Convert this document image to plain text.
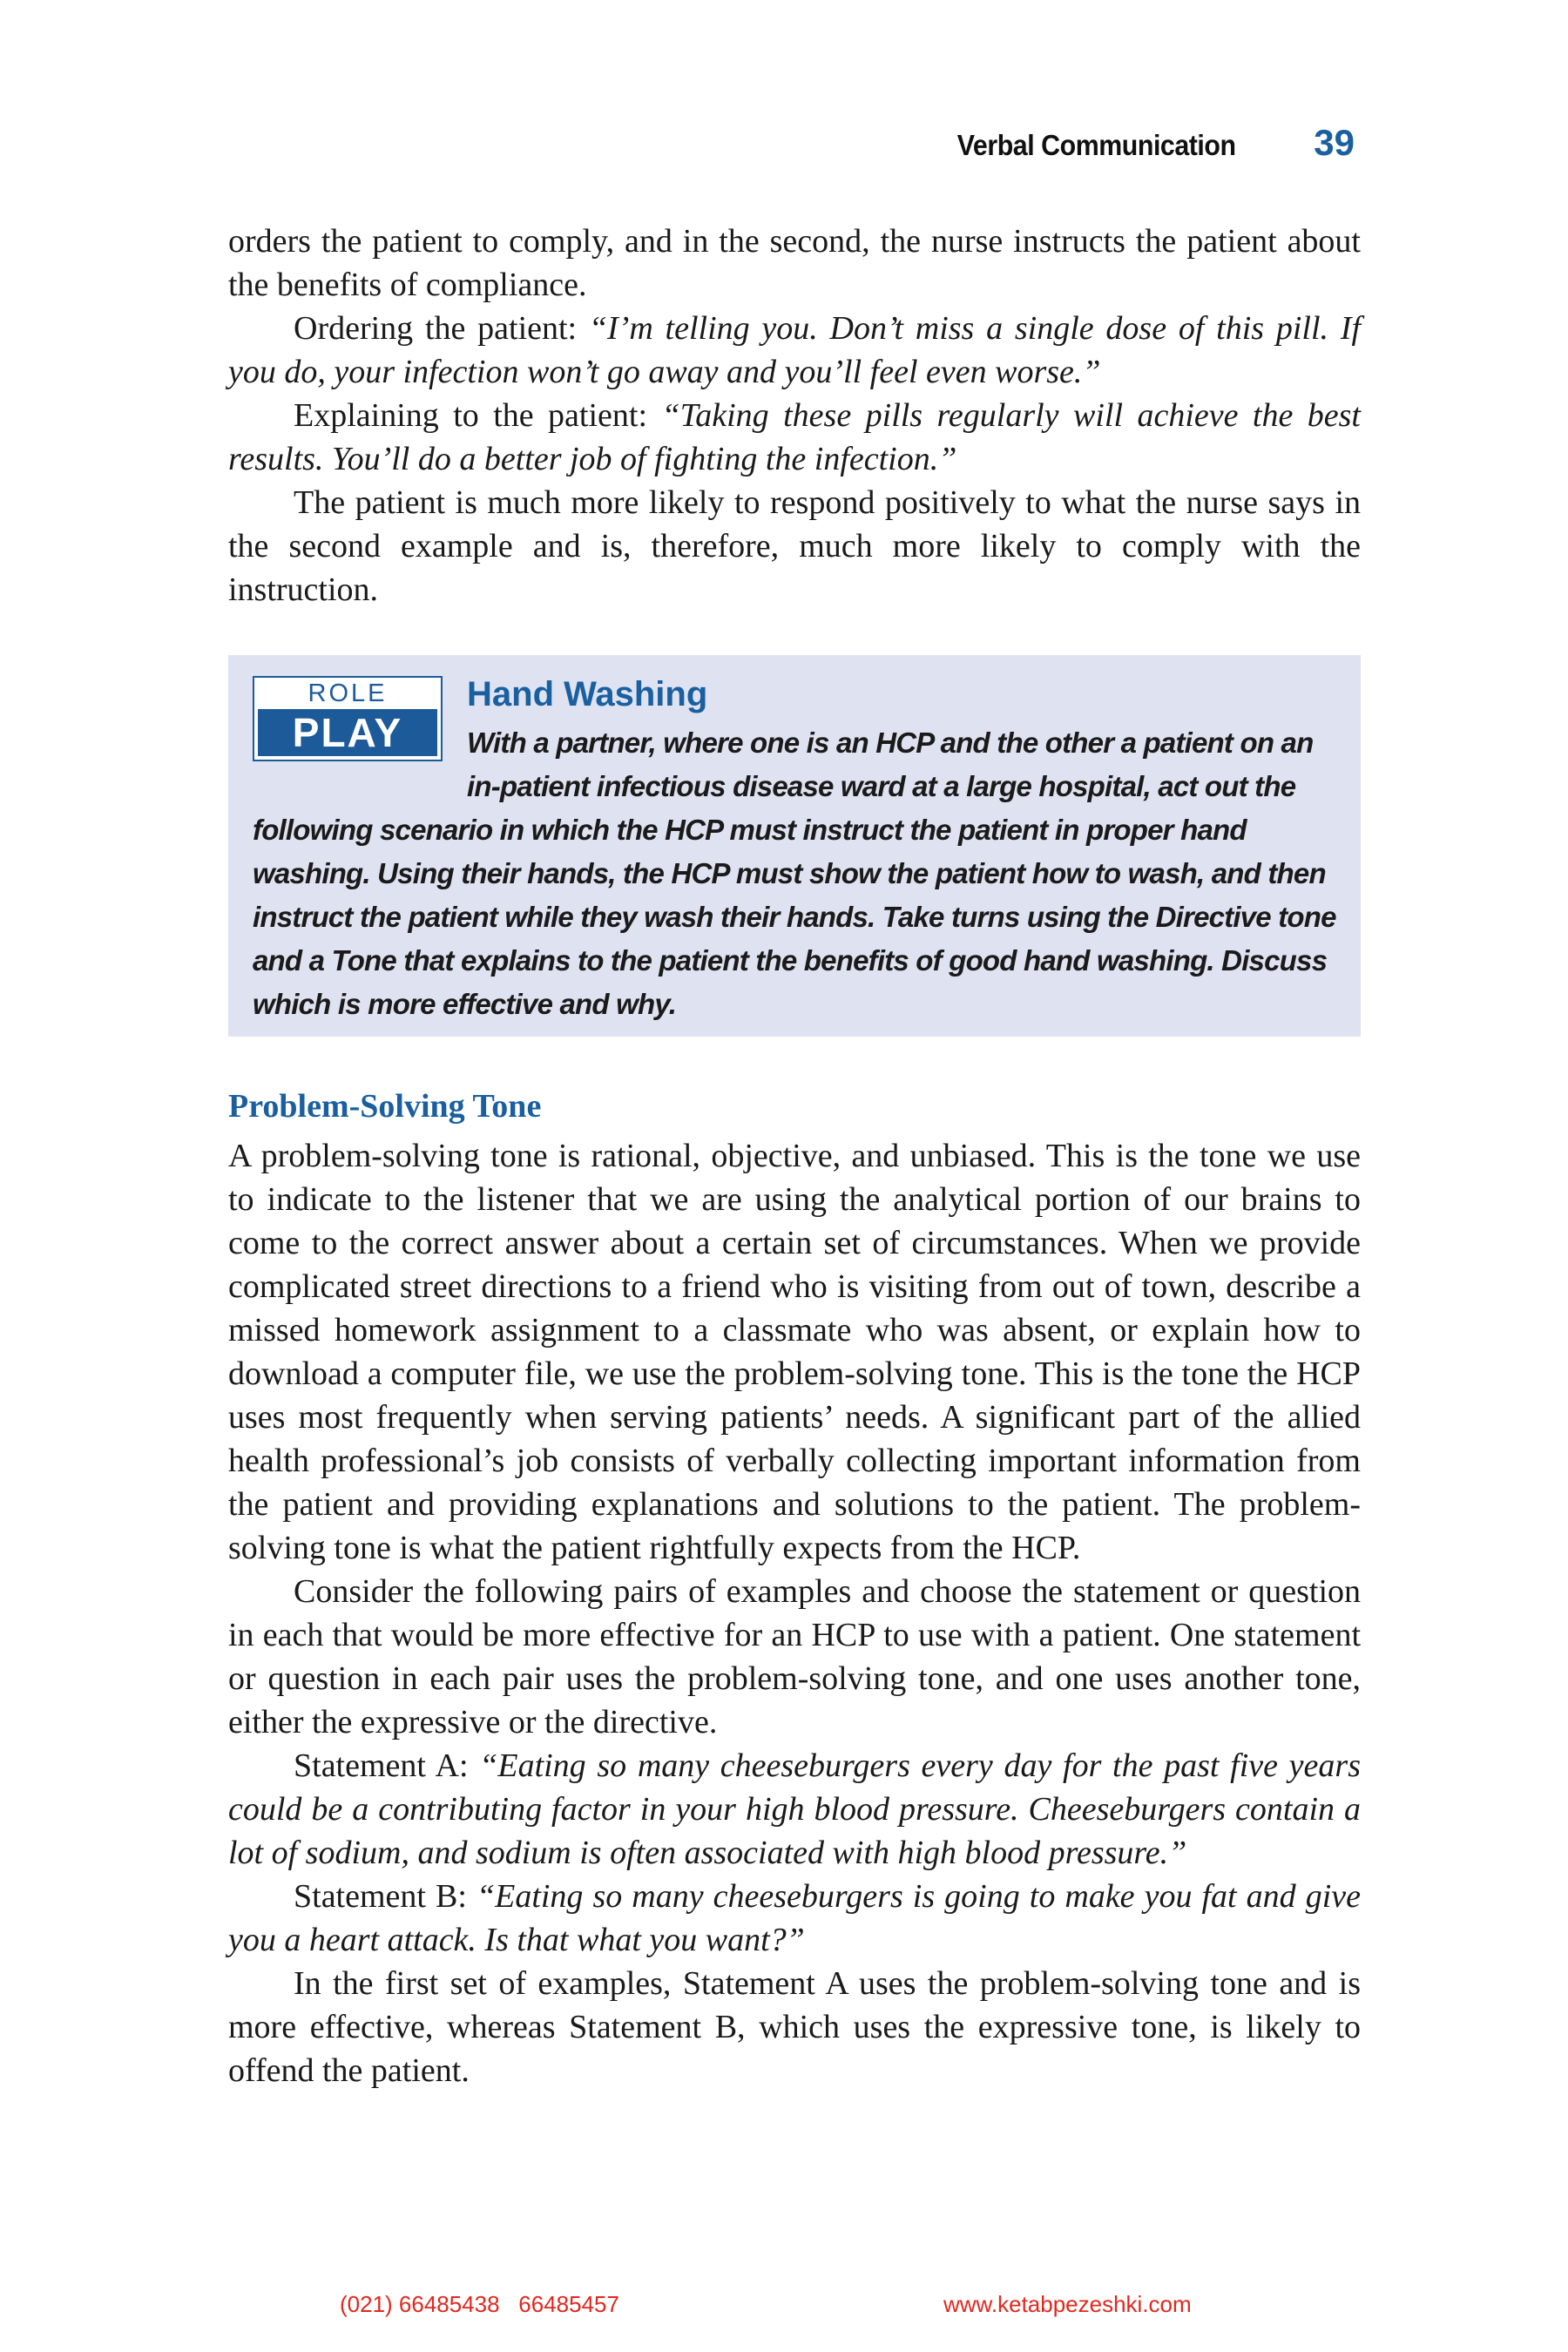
Verbal Communication 39

orders the patient to comply, and in the second, the nurse instructs the patient about the benefits of compliance.

Ordering the patient: “I’m telling you. Don’t miss a single dose of this pill. If you do, your infection won’t go away and you’ll feel even worse.”

Explaining to the patient: “Taking these pills regularly will achieve the best results. You’ll do a better job of fighting the infection.”

The patient is much more likely to respond positively to what the nurse says in the second example and is, therefore, much more likely to comply with the instruction.

ROLE
PLAY
Hand Washing
With a partner, where one is an HCP and the other a patient on an in-patient infectious disease ward at a large hospital, act out the following scenario in which the HCP must instruct the patient in proper hand washing. Using their hands, the HCP must show the patient how to wash, and then instruct the patient while they wash their hands. Take turns using the Directive tone and a Tone that explains to the patient the benefits of good hand washing. Discuss which is more effective and why.
Problem-Solving Tone

A problem-solving tone is rational, objective, and unbiased. This is the tone we use to indicate to the listener that we are using the analytical portion of our brains to come to the correct answer about a certain set of circumstances. When we provide complicated street directions to a friend who is visiting from out of town, describe a missed homework assignment to a classmate who was absent, or explain how to download a computer file, we use the problem-solving tone. This is the tone the HCP uses most frequently when serving patients’ needs. A significant part of the allied health professional’s job consists of verbally collecting important information from the patient and providing explanations and solutions to the patient. The problem-solving tone is what the patient rightfully expects from the HCP.

Consider the following pairs of examples and choose the statement or question in each that would be more effective for an HCP to use with a patient. One statement or question in each pair uses the problem-solving tone, and one uses another tone, either the expressive or the directive.

Statement A: “Eating so many cheeseburgers every day for the past five years could be a contributing factor in your high blood pressure. Cheeseburgers contain a lot of sodium, and sodium is often associated with high blood pressure.”

Statement B: “Eating so many cheeseburgers is going to make you fat and give you a heart attack. Is that what you want?”

In the first set of examples, Statement A uses the problem-solving tone and is more effective, whereas Statement B, which uses the expressive tone, is likely to offend the patient.

(021) 66485438   66485457	www.ketabpezeshki.com
